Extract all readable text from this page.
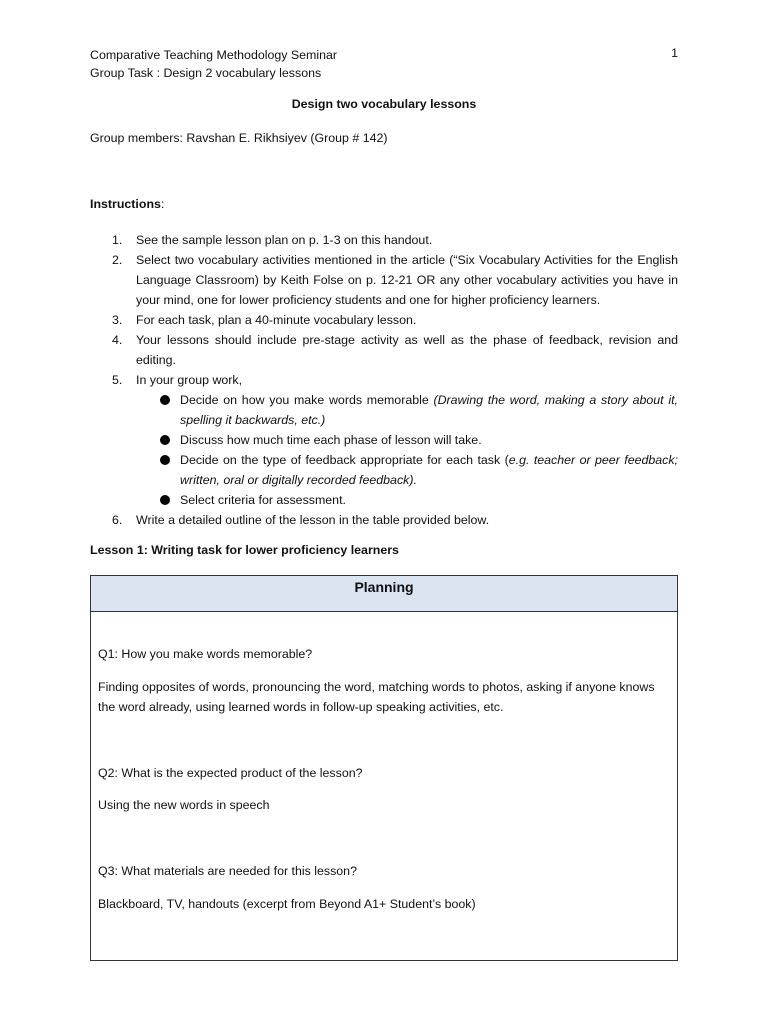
Comparative Teaching Methodology Seminar
Group Task : Design 2 vocabulary lessons
1
Design two vocabulary lessons
Group members: Ravshan E. Rikhsiyev (Group # 142)
Instructions:
1. See the sample lesson plan on p. 1-3 on this handout.
2. Select two vocabulary activities mentioned in the article (“Six Vocabulary Activities for the English Language Classroom) by Keith Folse on p. 12-21 OR any other vocabulary activities you have in your mind, one for lower proficiency students and one for higher proficiency learners.
3. For each task, plan a 40-minute vocabulary lesson.
4. Your lessons should include pre-stage activity as well as the phase of feedback, revision and editing.
5. In your group work,
Decide on how you make words memorable (Drawing the word, making a story about it, spelling it backwards, etc.)
Discuss how much time each phase of lesson will take.
Decide on the type of feedback appropriate for each task (e.g. teacher or peer feedback; written, oral or digitally recorded feedback).
Select criteria for assessment.
6. Write a detailed outline of the lesson in the table provided below.
Lesson 1: Writing task for lower proficiency learners
Planning
Q1: How you make words memorable?
Finding opposites of words, pronouncing the word, matching words to photos, asking if anyone knows the word already, using learned words in follow-up speaking activities, etc.
Q2: What is the expected product of the lesson?
Using the new words in speech
Q3: What materials are needed for this lesson?
Blackboard, TV, handouts (excerpt from Beyond A1+ Student’s book)
